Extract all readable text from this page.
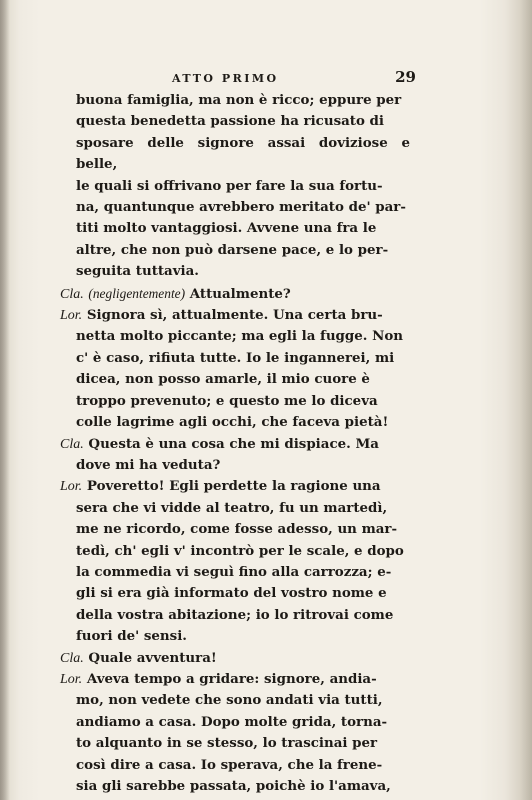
ATTO PRIMO	29
buona famiglia, ma non è ricco; eppure per
questa benedetta passione ha ricusato di
sposare delle signore assai doviziose e belle,
le quali si offrivano per fare la sua fortu-
na, quantunque avrebbero meritato de' par-
titi molto vantaggiosi. Avvene una fra le
altre, che non può darsene pace, e lo per-
seguita tuttavia.
Cla. (negligentemente) Attualmente?
Lor. Signora sì, attualmente. Una certa bru-
netta molto piccante; ma egli la fugge. Non
c' è caso, rifiuta tutte. Io le ingannerei, mi
dicea, non posso amarle, il mio cuore è
troppo prevenuto; e questo me lo diceva
colle lagrime agli occhi, che faceva pietà!
Cla. Questa è una cosa che mi dispiace. Ma
dove mi ha veduta?
Lor. Poveretto! Egli perdette la ragione una
sera che vi vidde al teatro, fu un martedì,
me ne ricordo, come fosse adesso, un mar-
tedì, ch' egli v' incontrò per le scale, e dopo
la commedia vi seguì fino alla carrozza; e-
gli si era già informato del vostro nome e
della vostra abitazione; io lo ritrovai come
fuori de' sensi.
Cla. Quale avventura!
Lor. Aveva tempo a gridare: signore, andia-
mo, non vedete che sono andati via tutti,
andiamo a casa. Dopo molte grida, torna-
to alquanto in se stesso, lo trascinai per
così dire a casa. Io sperava, che la frene-
sia gli sarebbe passata, poichè io l'amava,
